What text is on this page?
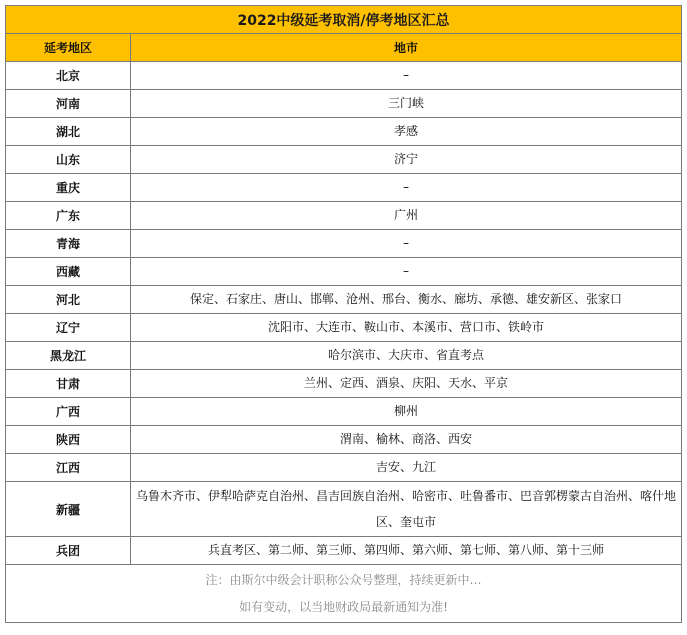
2022中级延考取消/停考地区汇总	
延考地区	地市
北京	–
河南	三门峡
湖北	孝感
山东	济宁
重庆	–
广东	广州
青海	–
西藏	–
河北	保定、石家庄、唐山、邯郸、沧州、邢台、衡水、廊坊、承德、雄安新区、张家口
辽宁	沈阳市、大连市、鞍山市、本溪市、营口市、铁岭市
黑龙江	哈尔滨市、大庆市、省直考点
甘肃	兰州、定西、酒泉、庆阳、天水、平京
广西	柳州
陕西	渭南、榆林、商洛、西安
江西	吉安、九江
新疆	乌鲁木齐市、伊犁哈萨克自治州、昌吉回族自治州、哈密市、吐鲁番市、巴音郭楞蒙古自治州、喀什地区、奎屯市
兵团	兵直考区、第二师、第三师、第四师、第六师、第七师、第八师、第十三师

注：由斯尔中级会计职称公众号整理，持续更新中…
如有变动，以当地财政局最新通知为准!	
